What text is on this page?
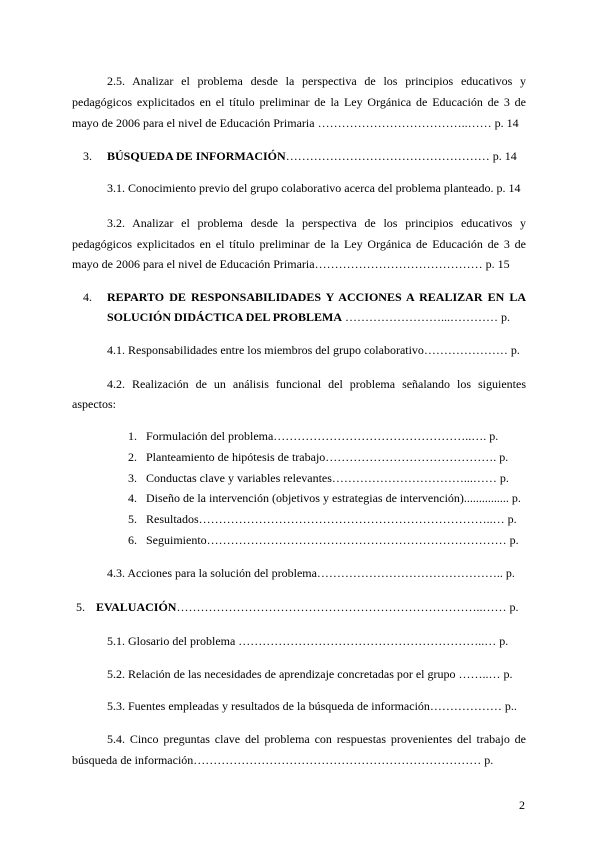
2.5. Analizar el problema desde la perspectiva de los principios educativos y
pedagógicos explicitados en el título preliminar de la Ley Orgánica de Educación de 3 de
mayo de 2006 para el nivel de Educación Primaria ………………………………..…… p. 14
3. BÚSQUEDA DE INFORMACIÓN…………………………………………… p. 14
3.1. Conocimiento previo del grupo colaborativo acerca del problema planteado. p. 14
3.2. Analizar el problema desde la perspectiva de los principios educativos y
pedagógicos explicitados en el título preliminar de la Ley Orgánica de Educación de 3 de
mayo de 2006 para el nivel de Educación Primaria…………………………………… p. 15
4. REPARTO DE RESPONSABILIDADES Y ACCIONES A REALIZAR EN LA
SOLUCIÓN DIDÁCTICA DEL PROBLEMA ……………………...………… p.
4.1. Responsabilidades entre los miembros del grupo colaborativo………………… p.
4.2. Realización de un análisis funcional del problema señalando los siguientes
aspectos:
1. Formulación del problema…………………………………………..…. p.
2. Planteamiento de hipótesis de trabajo……………………………………. p.
3. Conductas clave y variables relevantes……………………………...…… p.
4. Diseño de la intervención (objetivos y estrategias de intervención)............... p.
5. Resultados………………………………………………………………..… p.
6. Seguimiento………………………………………………………………… p.
4.3. Acciones para la solución del problema……………………………………….. p.
5. EVALUACIÓN…………………………………………………………………..…… p.
5.1. Glosario del problema ……………………………………………………..… p.
5.2. Relación de las necesidades de aprendizaje concretadas por el grupo ……..… p.
5.3. Fuentes empleadas y resultados de la búsqueda de información……………… p..
5.4. Cinco preguntas clave del problema con respuestas provenientes del trabajo de
búsqueda de información……………………………………………………………… p.
2
